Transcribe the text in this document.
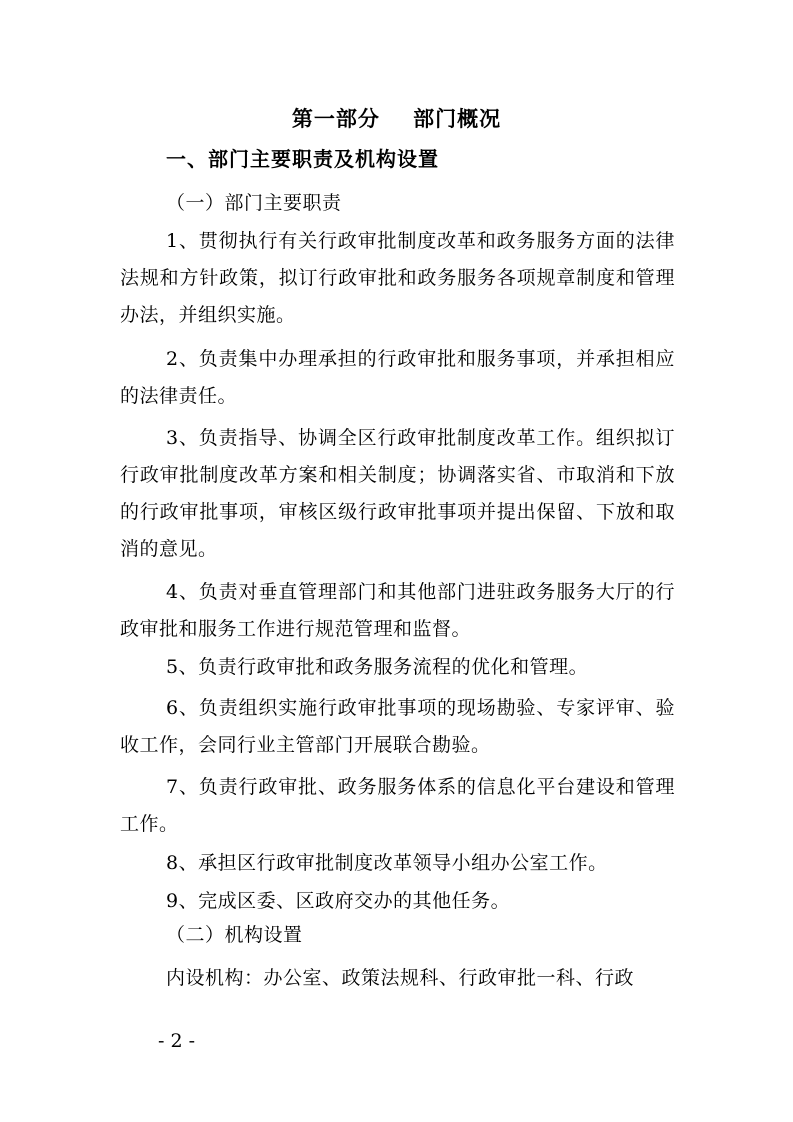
第一部分    部门概况
一、部门主要职责及机构设置
（一）部门主要职责
1、贯彻执行有关行政审批制度改革和政务服务方面的法律法规和方针政策，拟订行政审批和政务服务各项规章制度和管理办法，并组织实施。
2、负责集中办理承担的行政审批和服务事项，并承担相应的法律责任。
3、负责指导、协调全区行政审批制度改革工作。组织拟订行政审批制度改革方案和相关制度；协调落实省、市取消和下放的行政审批事项，审核区级行政审批事项并提出保留、下放和取消的意见。
4、负责对垂直管理部门和其他部门进驻政务服务大厅的行政审批和服务工作进行规范管理和监督。
5、负责行政审批和政务服务流程的优化和管理。
6、负责组织实施行政审批事项的现场勘验、专家评审、验收工作，会同行业主管部门开展联合勘验。
7、负责行政审批、政务服务体系的信息化平台建设和管理工作。
8、承担区行政审批制度改革领导小组办公室工作。
9、完成区委、区政府交办的其他任务。
（二）机构设置
内设机构：办公室、政策法规科、行政审批一科、行政
- 2 -
